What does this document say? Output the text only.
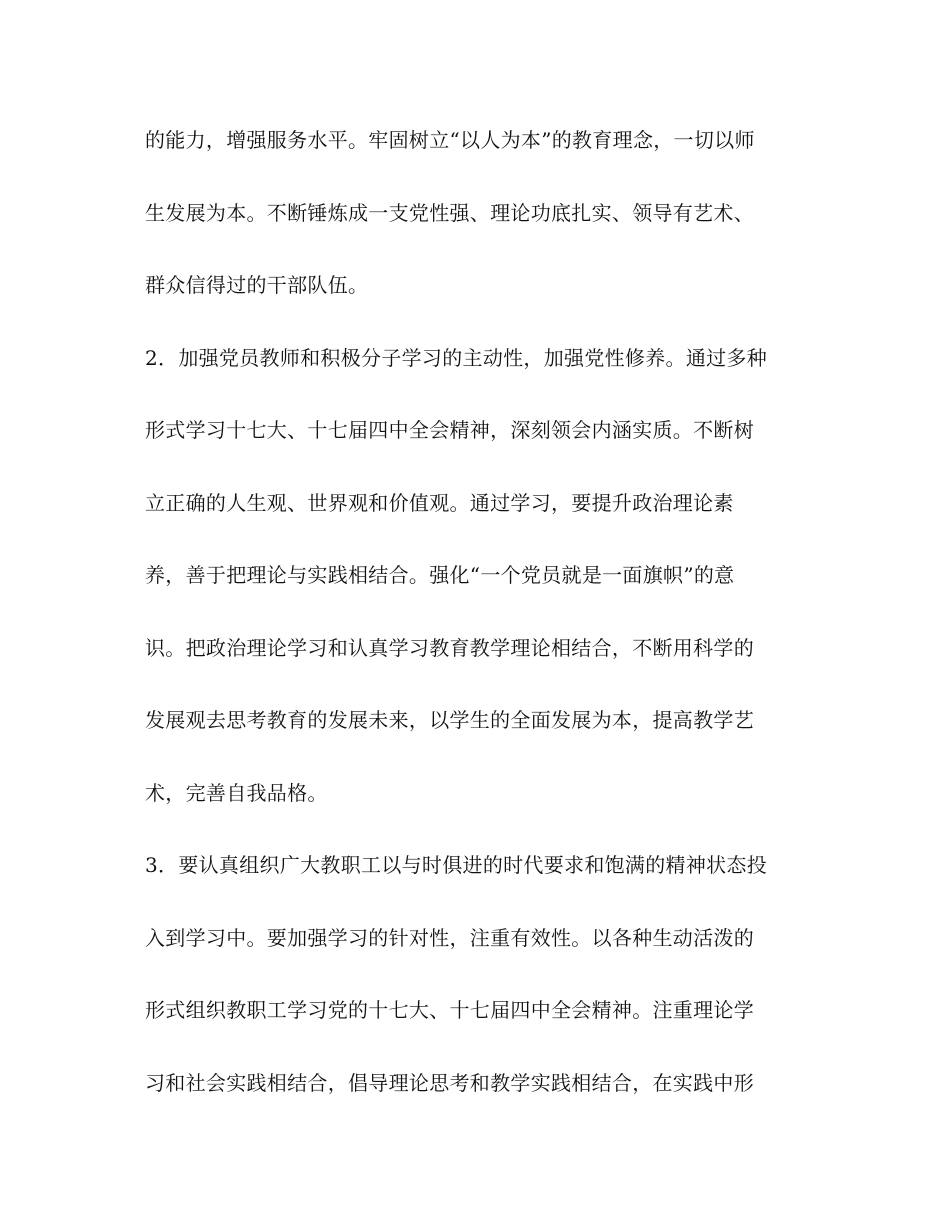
的能力，增强服务水平。牢固树立“以人为本”的教育理念，一切以师
生发展为本。不断锤炼成一支党性强、理论功底扎实、领导有艺术、
群众信得过的干部队伍。
2．加强党员教师和积极分子学习的主动性，加强党性修养。通过多种
形式学习十七大、十七届四中全会精神，深刻领会内涵实质。不断树
立正确的人生观、世界观和价值观。通过学习，要提升政治理论素
养，善于把理论与实践相结合。强化“一个党员就是一面旗帜”的意
识。把政治理论学习和认真学习教育教学理论相结合，不断用科学的
发展观去思考教育的发展未来，以学生的全面发展为本，提高教学艺
术，完善自我品格。
3．要认真组织广大教职工以与时俱进的时代要求和饱满的精神状态投
入到学习中。要加强学习的针对性，注重有效性。以各种生动活泼的
形式组织教职工学习党的十七大、十七届四中全会精神。注重理论学
习和社会实践相结合，倡导理论思考和教学实践相结合，在实践中形
